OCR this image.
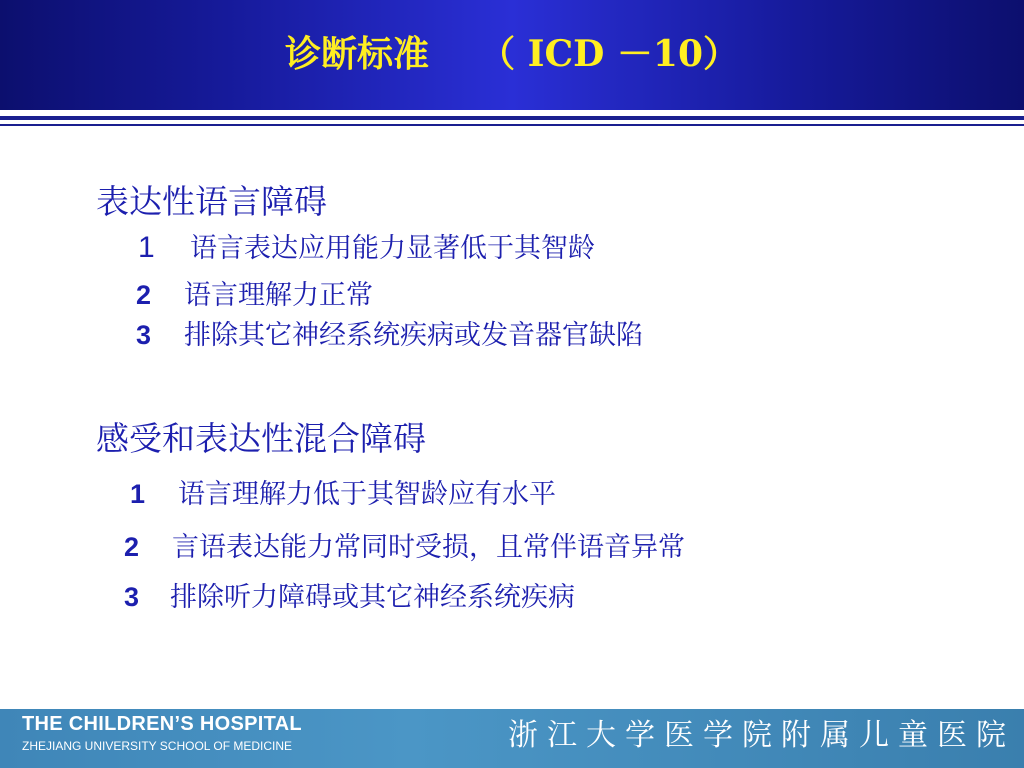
诊断标准    （ ICD －10）
表达性语言障碍
1 语言表达应用能力显著低于其智龄
2 语言理解力正常
3 排除其它神经系统疾病或发音器官缺陷
感受和表达性混合障碍
1 语言理解力低于其智龄应有水平
2 言语表达能力常同时受损，且常伴语音异常
3 排除听力障碍或其它神经系统疾病
THE CHILDREN’S HOSPITAL
ZHEJIANG UNIVERSITY SCHOOL OF MEDICINE	浙江大学医学院附属儿童医院
